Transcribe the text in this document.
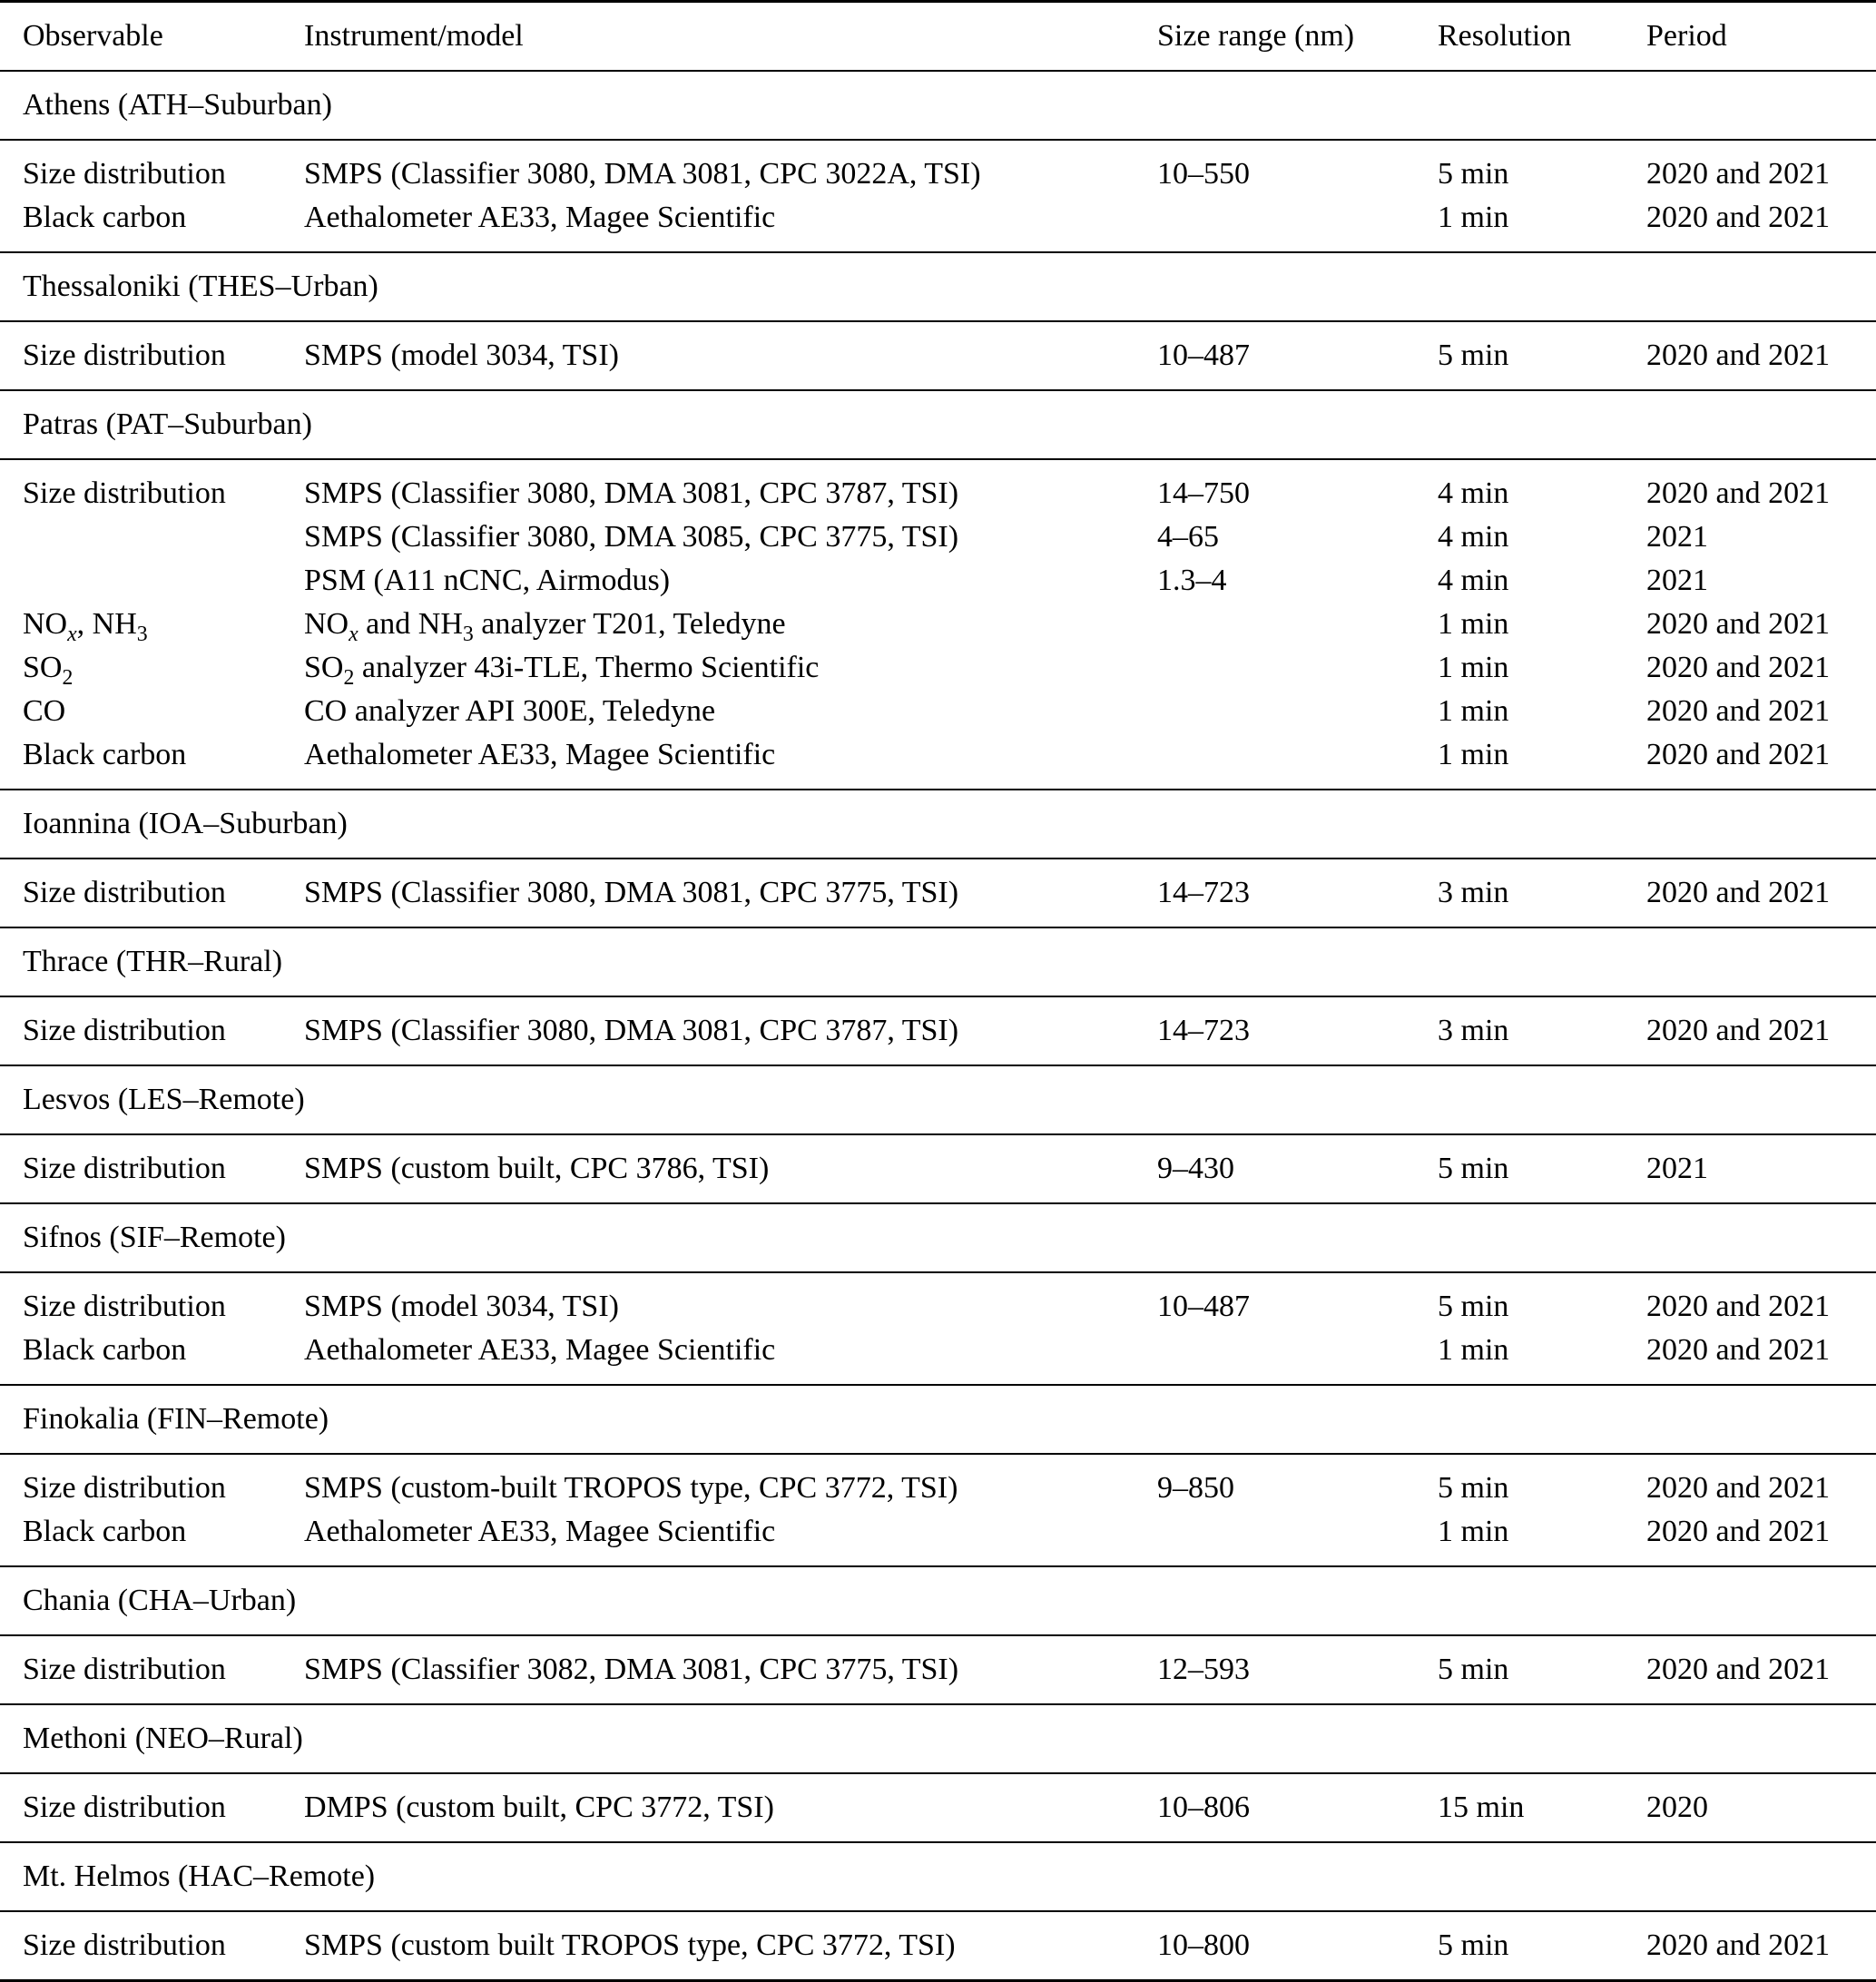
Observable	Instrument/model	Size range (nm)	Resolution	Period
Athens (ATH–Suburban)				
Size distribution	SMPS (Classifier 3080, DMA 3081, CPC 3022A, TSI)	10–550	5 min	2020 and 2021
Black carbon	Aethalometer AE33, Magee Scientific		1 min	2020 and 2021
Thessaloniki (THES–Urban)				
Size distribution	SMPS (model 3034, TSI)	10–487	5 min	2020 and 2021
Patras (PAT–Suburban)				
Size distribution	SMPS (Classifier 3080, DMA 3081, CPC 3787, TSI)	14–750	4 min	2020 and 2021
	SMPS (Classifier 3080, DMA 3085, CPC 3775, TSI)	4–65	4 min	2021
	PSM (A11 nCNC, Airmodus)	1.3–4	4 min	2021
$NO_x$, $NH_3$	$NO_x$ and $NH_3$ analyzer T201, Teledyne		1 min	2020 and 2021
$SO_2$	$SO_2$ analyzer 43i-TLE, Thermo Scientific		1 min	2020 and 2021
CO	CO analyzer API 300E, Teledyne		1 min	2020 and 2021
Black carbon	Aethalometer AE33, Magee Scientific		1 min	2020 and 2021
Ioannina (IOA–Suburban)				
Size distribution	SMPS (Classifier 3080, DMA 3081, CPC 3775, TSI)	14–723	3 min	2020 and 2021
Thrace (THR–Rural)				
Size distribution	SMPS (Classifier 3080, DMA 3081, CPC 3787, TSI)	14–723	3 min	2020 and 2021
Lesvos (LES–Remote)				
Size distribution	SMPS (custom built, CPC 3786, TSI)	9–430	5 min	2021
Sifnos (SIF–Remote)				
Size distribution	SMPS (model 3034, TSI)	10–487	5 min	2020 and 2021
Black carbon	Aethalometer AE33, Magee Scientific		1 min	2020 and 2021
Finokalia (FIN–Remote)				
Size distribution	SMPS (custom-built TROPOS type, CPC 3772, TSI)	9–850	5 min	2020 and 2021
Black carbon	Aethalometer AE33, Magee Scientific		1 min	2020 and 2021
Chania (CHA–Urban)				
Size distribution	SMPS (Classifier 3082, DMA 3081, CPC 3775, TSI)	12–593	5 min	2020 and 2021
Methoni (NEO–Rural)				
Size distribution	DMPS (custom built, CPC 3772, TSI)	10–806	15 min	2020
Mt. Helmos (HAC–Remote)				
Size distribution	SMPS (custom built TROPOS type, CPC 3772, TSI)	10–800	5 min	2020 and 2021
